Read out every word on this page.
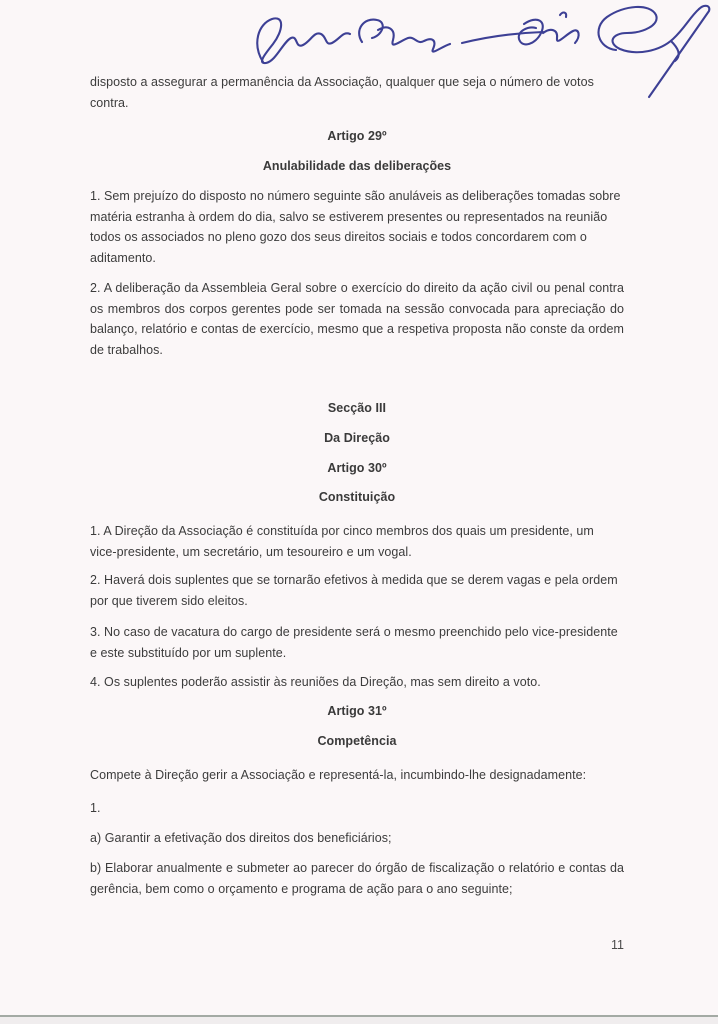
disposto a assegurar a permanência da Associação, qualquer que seja o número de votos contra.
Artigo 29º
Anulabilidade das deliberações
1. Sem prejuízo do disposto no número seguinte são anuláveis as deliberações tomadas sobre matéria estranha à ordem do dia, salvo se estiverem presentes ou representados na reunião todos os associados no pleno gozo dos seus direitos sociais e todos concordarem com o aditamento.
2. A deliberação da Assembleia Geral sobre o exercício do direito da ação civil ou penal contra os membros dos corpos gerentes pode ser tomada na sessão convocada para apreciação do balanço, relatório e contas de exercício, mesmo que a respetiva proposta não conste da ordem de trabalhos.
Secção III
Da Direção
Artigo 30º
Constituição
1. A Direção da Associação é constituída por cinco membros dos quais um presidente, um vice-presidente, um secretário, um tesoureiro e um vogal.
2. Haverá dois suplentes que se tornarão efetivos à medida que se derem vagas e pela ordem por que tiverem sido eleitos.
3. No caso de vacatura do cargo de presidente será o mesmo preenchido pelo vice-presidente e este substituído por um suplente.
4. Os suplentes poderão assistir às reuniões da Direção, mas sem direito a voto.
Artigo 31º
Competência
Compete à Direção gerir a Associação e representá-la, incumbindo-lhe designadamente:
1.
a) Garantir a efetivação dos direitos dos beneficiários;
b) Elaborar anualmente e submeter ao parecer do órgão de fiscalização o relatório e contas da gerência, bem como o orçamento e programa de ação para o ano seguinte;
11
